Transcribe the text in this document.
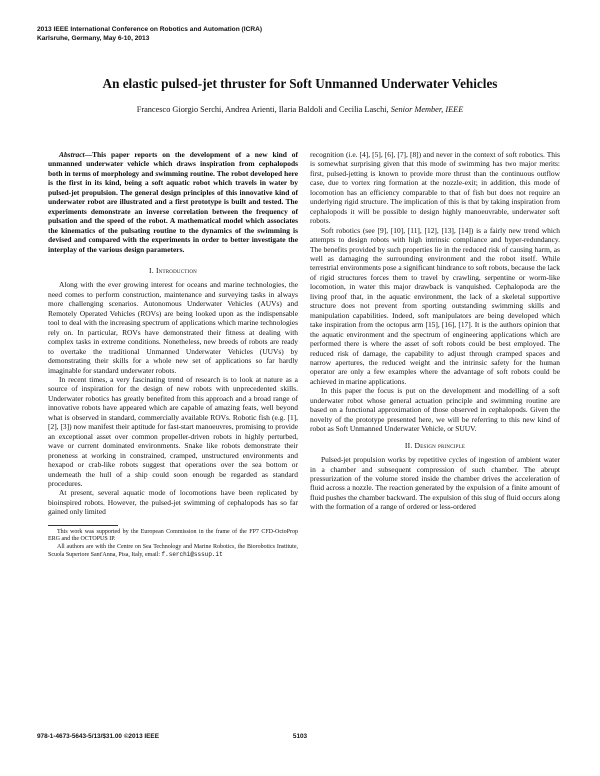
2013 IEEE International Conference on Robotics and Automation (ICRA)
Karlsruhe, Germany, May 6-10, 2013
An elastic pulsed-jet thruster for Soft Unmanned Underwater Vehicles
Francesco Giorgio Serchi, Andrea Arienti, Ilaria Baldoli and Cecilia Laschi, Senior Member, IEEE

Abstract—This paper reports on the development of a new kind of unmanned underwater vehicle which draws inspiration from cephalopods both in terms of morphology and swimming routine. The robot developed here is the first in its kind, being a soft aquatic robot which travels in water by pulsed-jet propulsion. The general design principles of this innovative kind of underwater robot are illustrated and a first prototype is built and tested. The experiments demonstrate an inverse correlation between the frequency of pulsation and the speed of the robot. A mathematical model which associates the kinematics of the pulsating routine to the dynamics of the swimming is devised and compared with the experiments in order to better investigate the interplay of the various design parameters.

I. Introduction

Along with the ever growing interest for oceans and marine technologies, the need comes to perform construction, maintenance and surveying tasks in always more challenging scenarios. Autonomous Underwater Vehicles (AUVs) and Remotely Operated Vehicles (ROVs) are being looked upon as the indispensable tool to deal with the increasing spectrum of applications which marine technologies rely on. In particular, ROVs have demonstrated their fitness at dealing with complex tasks in extreme conditions. Nonetheless, new breeds of robots are ready to overtake the traditional Unmanned Underwater Vehicles (UUVs) by demonstrating their skills for a whole new set of applications so far hardly imaginable for standard underwater robots.

In recent times, a very fascinating trend of research is to look at nature as a source of inspiration for the design of new robots with unprecedented skills. Underwater robotics has greatly benefited from this approach and a broad range of innovative robots have appeared which are capable of amazing feats, well beyond what is observed in standard, commercially available ROVs. Robotic fish (e.g. [1], [2], [3]) now manifest their aptitude for fast-start manoeuvres, promising to provide an exceptional asset over common propeller-driven robots in highly perturbed, wave or current dominated environments. Snake like robots demonstrate their proneness at working in constrained, cramped, unstructured environments and hexapod or crab-like robots suggest that operations over the sea bottom or underneath the hull of a ship could soon enough be regarded as standard procedures.

At present, several aquatic mode of locomotions have been replicated by bioinspired robots. However, the pulsed-jet swimming of cephalopods has so far gained only limited

This work was supported by the European Commission in the frame of the FP7 CFD-OctoProp ERG and the OCTOPUS IP.

All authors are with the Centre on Sea Technology and Marine Robotics, the Biorobotics Institute, Scuola Superiore Sant'Anna, Pisa, Italy, email: f.serchi@sssup.it

recognition (i.e. [4], [5], [6], [7], [8]) and never in the context of soft robotics. This is somewhat surprising given that this mode of swimming has two major merits: first, pulsed-jetting is known to provide more thrust than the continuous outflow case, due to vortex ring formation at the nozzle-exit; in addition, this mode of locomotion has an efficiency comparable to that of fish but does not require an underlying rigid structure. The implication of this is that by taking inspiration from cephalopods it will be possible to design highly manoeuvrable, underwater soft robots.

Soft robotics (see [9], [10], [11], [12], [13], [14]) is a fairly new trend which attempts to design robots with high intrinsic compliance and hyper-redundancy. The benefits provided by such properties lie in the reduced risk of causing harm, as well as damaging the surrounding environment and the robot itself. While terrestrial environments pose a significant hindrance to soft robots, because the lack of rigid structures forces them to travel by crawling, serpentine or worm-like locomotion, in water this major drawback is vanquished. Cephalopoda are the living proof that, in the aquatic environment, the lack of a skeletal supportive structure does not prevent from sporting outstanding swimming skills and manipulation capabilities. Indeed, soft manipulators are being developed which take inspiration from the octopus arm [15], [16], [17]. It is the authors opinion that the aquatic environment and the spectrum of engineering applications which are performed there is where the asset of soft robots could be best employed. The reduced risk of damage, the capability to adjust through cramped spaces and narrow apertures, the reduced weight and the intrinsic safety for the human operator are only a few examples where the advantage of soft robots could be achieved in marine applications.

In this paper the focus is put on the development and modelling of a soft underwater robot whose general actuation principle and swimming routine are based on a functional approximation of those observed in cephalopods. Given the novelty of the prototype presented here, we will be referring to this new kind of robot as Soft Unmanned Underwater Vehicle, or SUUV.

II. Design principle

Pulsed-jet propulsion works by repetitive cycles of ingestion of ambient water in a chamber and subsequent compression of such chamber. The abrupt pressurization of the volume stored inside the chamber drives the acceleration of fluid across a nozzle. The reaction generated by the expulsion of a finite amount of fluid pushes the chamber backward. The expulsion of this slug of fluid occurs along with the formation of a range of ordered or less-ordered

978-1-4673-5643-5/13/$31.00 ©2013 IEEE	5103
